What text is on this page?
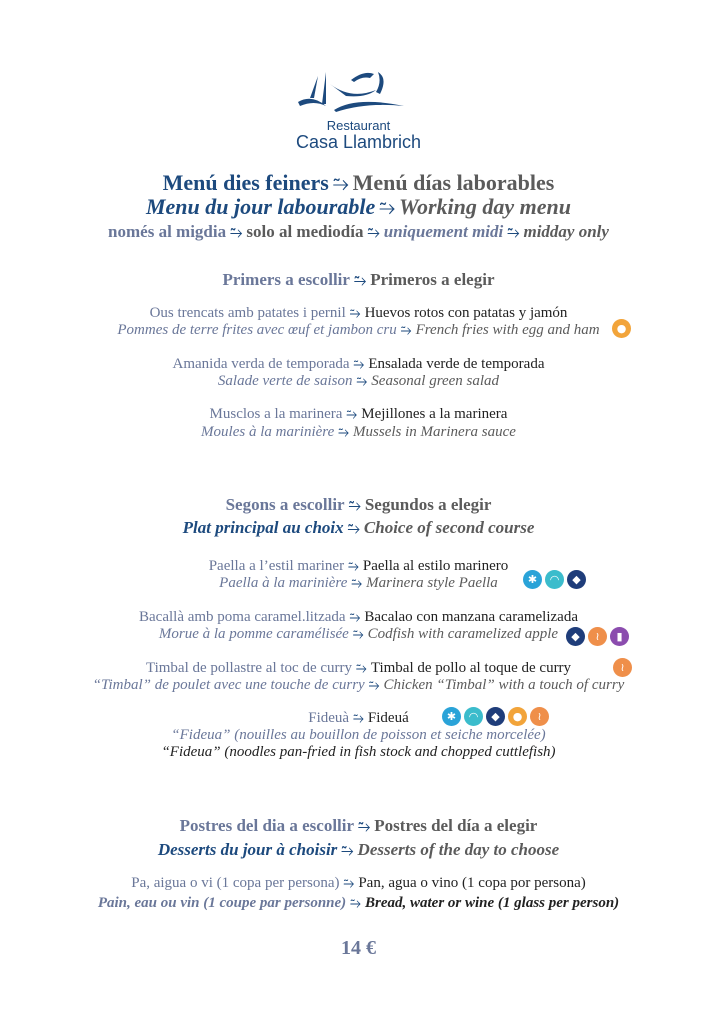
Restaurant
Casa Llambrich
Menú dies feiners ⥲ Menú días laborables
Menu du jour labourable ⥲ Working day menu
només al migdia ⥲ solo al mediodía ⥲ uniquement midi ⥲ midday only
Primers a escollir ⥲ Primeros a elegir
Ous trencats amb patates i pernil ⥲ Huevos rotos con patatas y jamón
Pommes de terre frites avec œuf et jambon cru ⥲ French fries with egg and ham	●
Amanida verda de temporada ⥲ Ensalada verde de temporada
Salade verte de saison ⥲ Seasonal green salad
Musclos a la marinera ⥲ Mejillones a la marinera
Moules à la marinière ⥲ Mussels in Marinera sauce
Segons a escollir ⥲ Segundos a elegir
Plat principal au choix ⥲ Choice of second course
Paella a l’estil mariner ⥲ Paella al estilo marinero
Paella à la marinière ⥲ Marinera style Paella	✱	◠	◆
Bacallà amb poma caramel.litzada ⥲ Bacalao con manzana caramelizada
Morue à la pomme caramélisée ⥲ Codfish with caramelized apple	◆	≀	▮
Timbal de pollastre al toc de curry ⥲ Timbal de pollo al toque de curry
“Timbal” de poulet avec une touche de curry ⥲ Chicken “Timbal” with a touch of curry
≀
Fideuà ⥲ Fideuá
“Fideua” (nouilles au bouillon de poisson et seiche morcelée)
“Fideua” (noodles pan-fried in fish stock and chopped cuttlefish)
✱	◠	◆	●	≀
Postres del dia a escollir ⥲ Postres del día a elegir
Desserts du jour à choisir ⥲ Desserts of the day to choose
Pa, aigua o vi (1 copa per persona) ⥲ Pan, agua o vino (1 copa por persona)
Pain, eau ou vin (1 coupe par personne) ⥲ Bread, water or wine (1 glass per person)
14 €
